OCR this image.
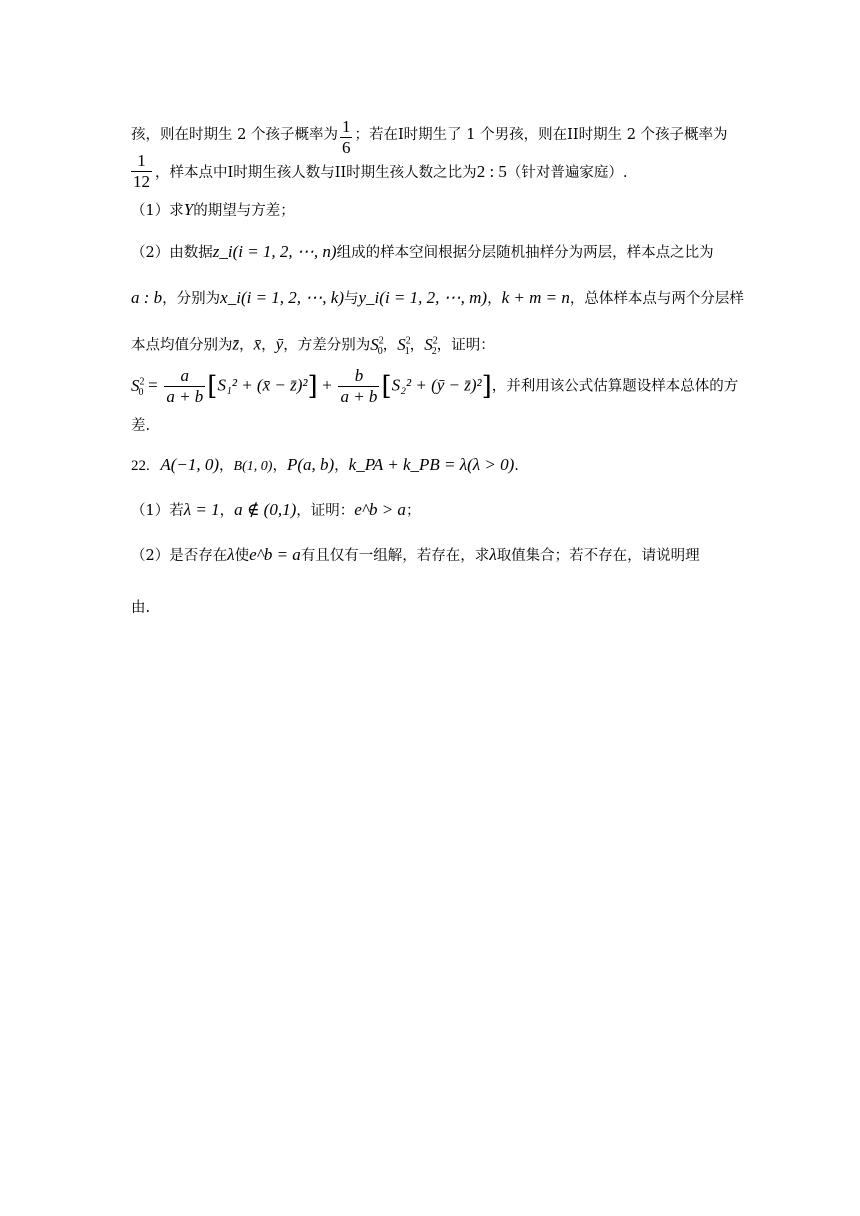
孩，则在时期生 2 个孩子概率为 $\frac{1}{6}$ ；若在I时期生了 1 个男孩，则在II时期生 2 个孩子概率为
$\frac{1}{12}$ ，样本点中I时期生孩人数与II时期生孩人数之比为2 : 5（针对普遍家庭）.
（1）求Y的期望与方差；
（2）由数据z_i(i = 1, 2, ⋯, n)组成的样本空间根据分层随机抽样分为两层，样本点之比为
a : b，分别为x_i(i = 1, 2, ⋯, k)与y_i(i = 1, 2, ⋯, m)，k + m = n，总体样本点与两个分层样
本点均值分别为z̄，x̄，ȳ，方差分别为$S^2_0$，$S^2_1$，$S^2_2$，证明：
$S^2_0 = \frac{a}{a + b} [S_1^2$ + (x̄ − z̄)²] + $\frac{b}{a + b} [S_2^2$ + (ȳ − z̄)²]，并利用该公式估算题设样本总体的方
差.
22. A(−1, 0)，B(1, 0)，P(a, b)，k_PA + k_PB = λ(λ > 0).
（1）若λ = 1，a ∉ (0,1)，证明：e^b > a；
（2）是否存在λ使e^b = a有且仅有一组解，若存在，求λ取值集合；若不存在，请说明理
由.
